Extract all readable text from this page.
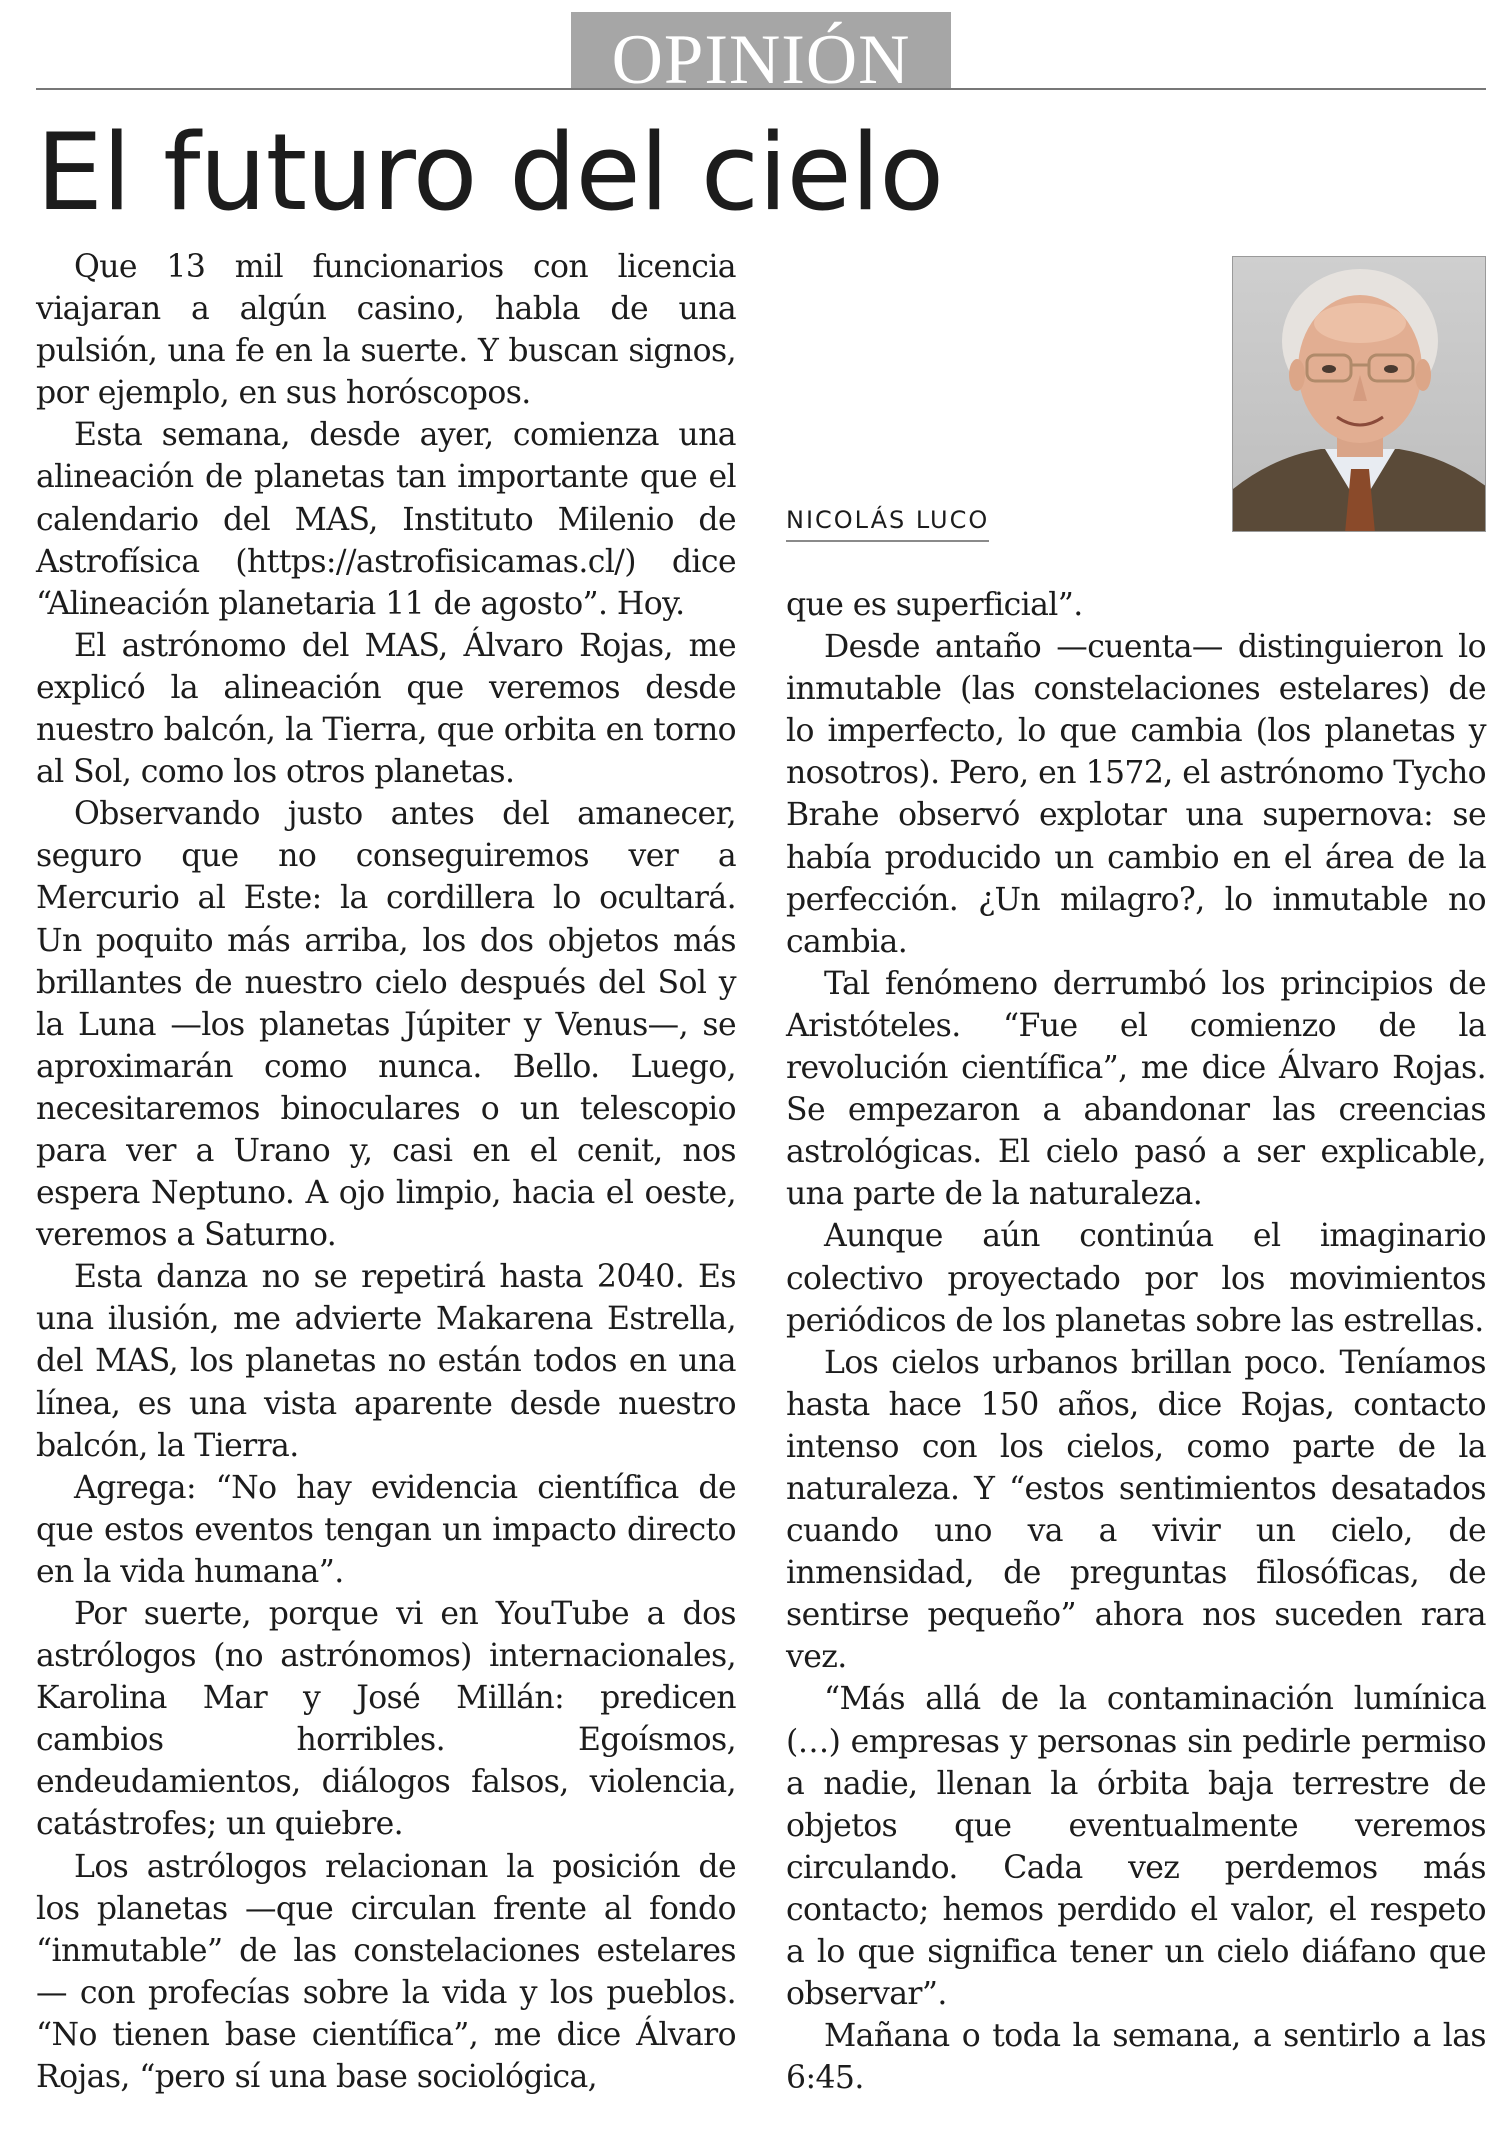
OPINIÓN
El futuro del cielo

Que 13 mil funcionarios con licencia viajaran a algún casino, habla de una pulsión, una fe en la suerte. Y buscan signos, por ejemplo, en sus horóscopos.

Esta semana, desde ayer, comienza una alineación de planetas tan importante que el calendario del MAS, Instituto Milenio de Astrofísica (https://astrofisicamas.cl/) dice “Alineación planetaria 11 de agosto”. Hoy.

El astrónomo del MAS, Álvaro Rojas, me explicó la alineación que veremos desde nuestro balcón, la Tierra, que orbita en torno al Sol, como los otros planetas.

Observando justo antes del amanecer, seguro que no conseguiremos ver a Mercurio al Este: la cordillera lo ocultará. Un poquito más arriba, los dos objetos más brillantes de nuestro cielo después del Sol y la Luna —los planetas Júpiter y Venus—, se aproximarán como nunca. Bello. Luego, necesitaremos binoculares o un telescopio para ver a Urano y, casi en el cenit, nos espera Neptuno. A ojo limpio, hacia el oeste, veremos a Saturno.

Esta danza no se repetirá hasta 2040. Es una ilusión, me advierte Makarena Estrella, del MAS, los planetas no están todos en una línea, es una vista aparente desde nuestro balcón, la Tierra.

Agrega: “No hay evidencia científica de que estos eventos tengan un impacto directo en la vida humana”.

Por suerte, porque vi en YouTube a dos astrólogos (no astrónomos) internacionales, Karolina Mar y José Millán: predicen cambios horribles. Egoísmos, endeudamientos, diálogos falsos, violencia, catástrofes; un quiebre.

Los astrólogos relacionan la posición de los planetas —que circulan frente al fondo “inmutable” de las constelaciones estelares— con profecías sobre la vida y los pueblos. “No tienen base científica”, me dice Álvaro Rojas, “pero sí una base sociológica,

NICOLÁS LUCO

que es superficial”.

Desde antaño —cuenta— distinguieron lo inmutable (las constelaciones estelares) de lo imperfecto, lo que cambia (los planetas y nosotros). Pero, en 1572, el astrónomo Tycho Brahe observó explotar una supernova: se había producido un cambio en el área de la perfección. ¿Un milagro?, lo inmutable no cambia.

Tal fenómeno derrumbó los principios de Aristóteles. “Fue el comienzo de la revolución científica”, me dice Álvaro Rojas. Se empezaron a abandonar las creencias astrológicas. El cielo pasó a ser explicable, una parte de la naturaleza.

Aunque aún continúa el imaginario colectivo proyectado por los movimientos periódicos de los planetas sobre las estrellas.

Los cielos urbanos brillan poco. Teníamos hasta hace 150 años, dice Rojas, contacto intenso con los cielos, como parte de la naturaleza. Y “estos sentimientos desatados cuando uno va a vivir un cielo, de inmensidad, de preguntas filosóficas, de sentirse pequeño” ahora nos suceden rara vez.

“Más allá de la contaminación lumínica (…) empresas y personas sin pedirle permiso a nadie, llenan la órbita baja terrestre de objetos que eventualmente veremos circulando. Cada vez perdemos más contacto; hemos perdido el valor, el respeto a lo que significa tener un cielo diáfano que observar”.

Mañana o toda la semana, a sentirlo a las 6:45.
